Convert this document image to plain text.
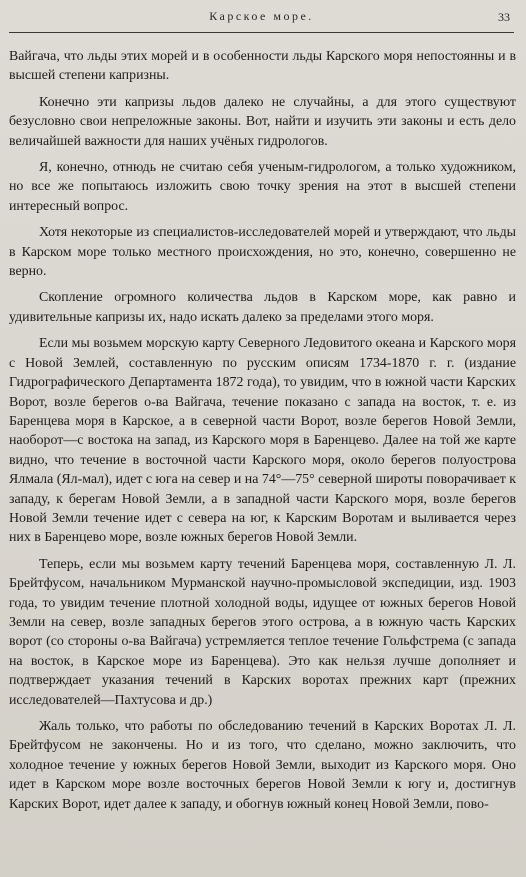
Карское море.	33

Вайгача, что льды этих морей и в особенности льды Карского моря непостоянны и в высшей степени капризны.

Конечно эти капризы льдов далеко не случайны, а для этого существуют безусловно свои непреложные законы. Вот, найти и изучить эти законы и есть дело величайшей важности для наших учёных гидрологов.

Я, конечно, отнюдь не считаю себя ученым-гидрологом, а только художником, но все же попытаюсь изложить свою точку зрения на этот в высшей степени интересный вопрос.

Хотя некоторые из специалистов-исследователей морей и утверждают, что льды в Карском море только местного происхождения, но это, конечно, совершенно не верно.

Скопление огромного количества льдов в Карском море, как равно и удивительные капризы их, надо искать далеко за пределами этого моря.

Если мы возьмем морскую карту Северного Ледовитого океана и Карского моря с Новой Землей, составленную по русским описям 1734-1870 г. г. (издание Гидрографического Департамента 1872 года), то увидим, что в южной части Карских Ворот, возле берегов о-ва Вайгача, течение показано с запада на восток, т. е. из Баренцева моря в Карское, а в северной части Ворот, возле берегов Новой Земли, наоборот—с востока на запад, из Карского моря в Баренцево. Далее на той же карте видно, что течение в восточной части Карского моря, около берегов полуострова Ялмала (Ял-мал), идет с юга на север и на 74°—75° северной широты поворачивает к западу, к берегам Новой Земли, а в западной части Карского моря, возле берегов Новой Земли течение идет с севера на юг, к Карским Воротам и выливается через них в Баренцево море, возле южных берегов Новой Земли.

Теперь, если мы возьмем карту течений Баренцева моря, составленную Л. Л. Брейтфусом, начальником Мурманской научно-промысловой экспедиции, изд. 1903 года, то увидим течение плотной холодной воды, идущее от южных берегов Новой Земли на север, возле западных берегов этого острова, а в южную часть Карских ворот (со стороны о-ва Вайгача) устремляется теплое течение Гольфстрема (с запада на восток, в Карское море из Баренцева). Это как нельзя лучше дополняет и подтверждает указания течений в Карских воротах прежних карт (прежних исследователей—Пахтусова и др.)

Жаль только, что работы по обследованию течений в Карских Воротах Л. Л. Брейтфусом не закончены. Но и из того, что сделано, можно заключить, что холодное течение у южных берегов Новой Земли, выходит из Карского моря. Оно идет в Карском море возле восточных берегов Новой Земли к югу и, достигнув Карских Ворот, идет далее к западу, и обогнув южный конец Новой Земли, пово-
